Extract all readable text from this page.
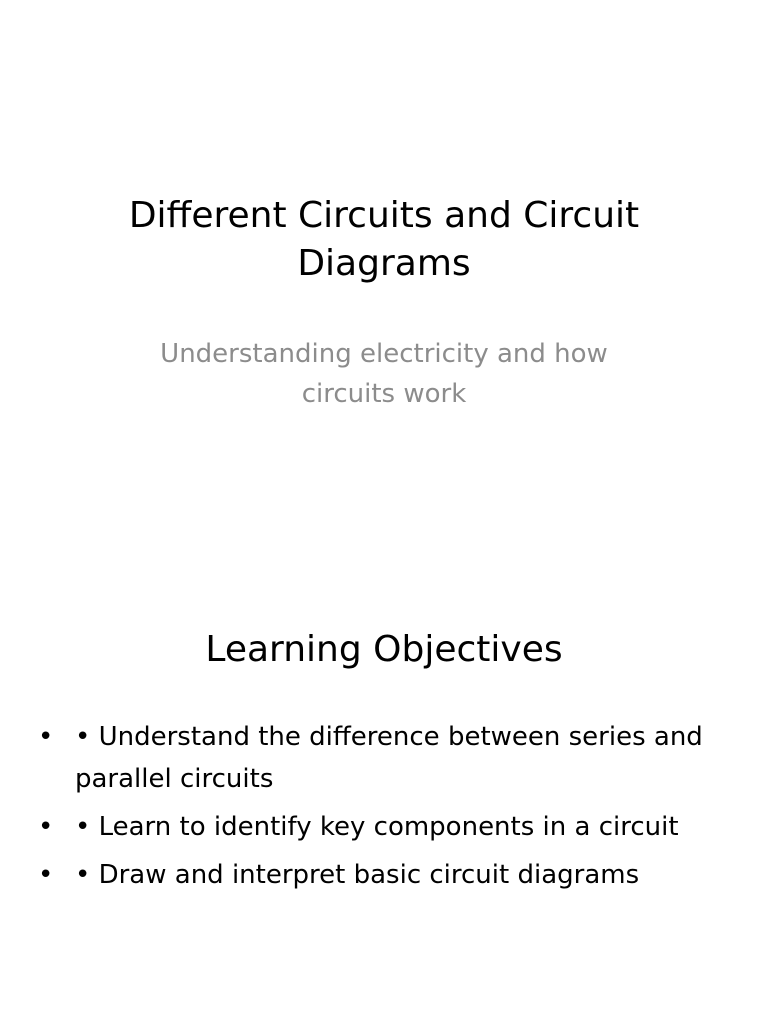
Different Circuits and Circuit Diagrams

Understanding electricity and how circuits work

Learning Objectives
• • Understand the difference between series and parallel circuits
• • Learn to identify key components in a circuit
• • Draw and interpret basic circuit diagrams
